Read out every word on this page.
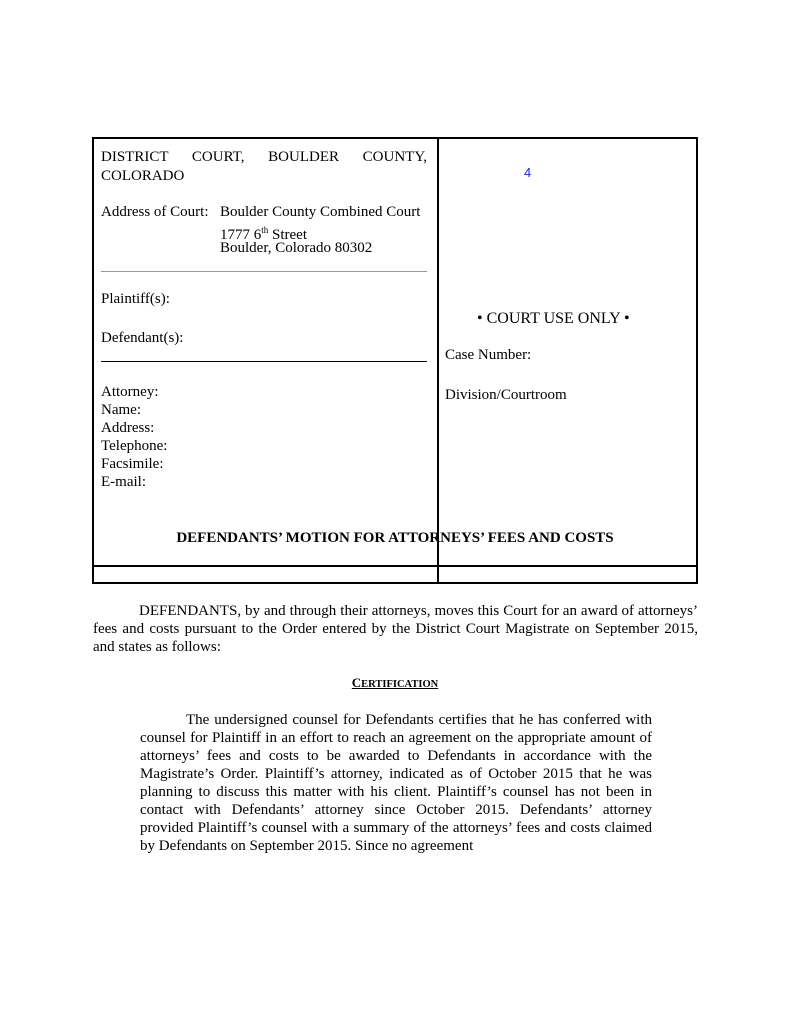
DISTRICT COURT, BOULDER COUNTY, COLORADO
Address of Court: Boulder County Combined Court
1777 6th Street
Boulder, Colorado 80302
Plaintiff(s):
Defendant(s):
Attorney:
Name:
Address:
Telephone:
Facsimile:
E-mail:
4
• COURT USE ONLY •
Case Number:
Division/Courtroom
DEFENDANTS’ MOTION FOR ATTORNEYS’ FEES AND COSTS
DEFENDANTS, by and through their attorneys, moves this Court for an award of attorneys’ fees and costs pursuant to the Order entered by the District Court Magistrate on September 2015, and states as follows:
CERTIFICATION
The undersigned counsel for Defendants certifies that he has conferred with counsel for Plaintiff in an effort to reach an agreement on the appropriate amount of attorneys’ fees and costs to be awarded to Defendants in accordance with the Magistrate’s Order. Plaintiff’s attorney, indicated as of October 2015 that he was planning to discuss this matter with his client. Plaintiff’s counsel has not been in contact with Defendants’ attorney since October 2015. Defendants’ attorney provided Plaintiff’s counsel with a summary of the attorneys’ fees and costs claimed by Defendants on September 2015. Since no agreement
